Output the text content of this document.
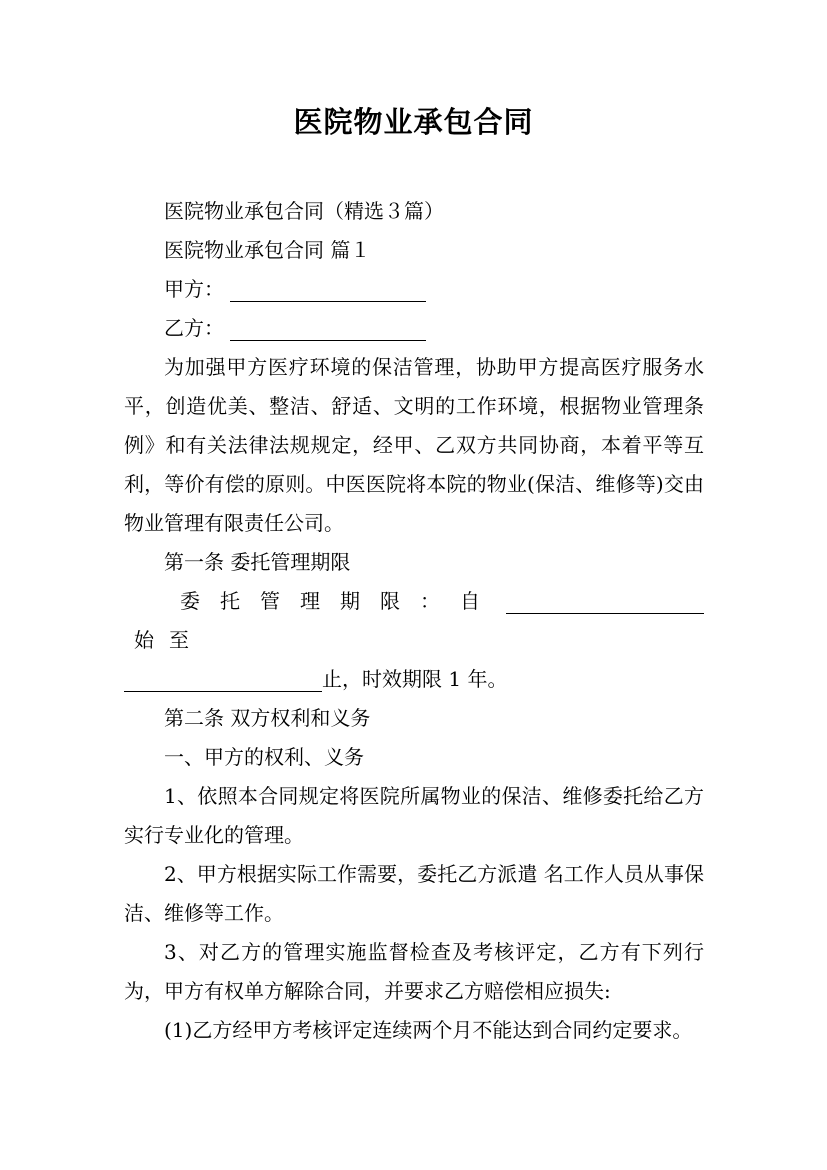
医院物业承包合同

医院物业承包合同（精选３篇）

医院物业承包合同 篇１

甲方：

乙方：

为加强甲方医疗环境的保洁管理，协助甲方提高医疗服务水平，创造优美、整洁、舒适、文明的工作环境，根据物业管理条例》和有关法律法规规定，经甲、乙双方共同协商，本着平等互利，等价有偿的原则。中医医院将本院的物业(保洁、维修等)交由物业管理有限责任公司。

第一条 委托管理期限

委托管理期限：自始至
止，时效期限 1 年。

第二条 双方权利和义务

一、甲方的权利、义务

1、依照本合同规定将医院所属物业的保洁、维修委托给乙方实行专业化的管理。

2、甲方根据实际工作需要，委托乙方派遣 名工作人员从事保洁、维修等工作。

3、对乙方的管理实施监督检查及考核评定，乙方有下列行为，甲方有权单方解除合同，并要求乙方赔偿相应损失:

(1)乙方经甲方考核评定连续两个月不能达到合同约定要求。
